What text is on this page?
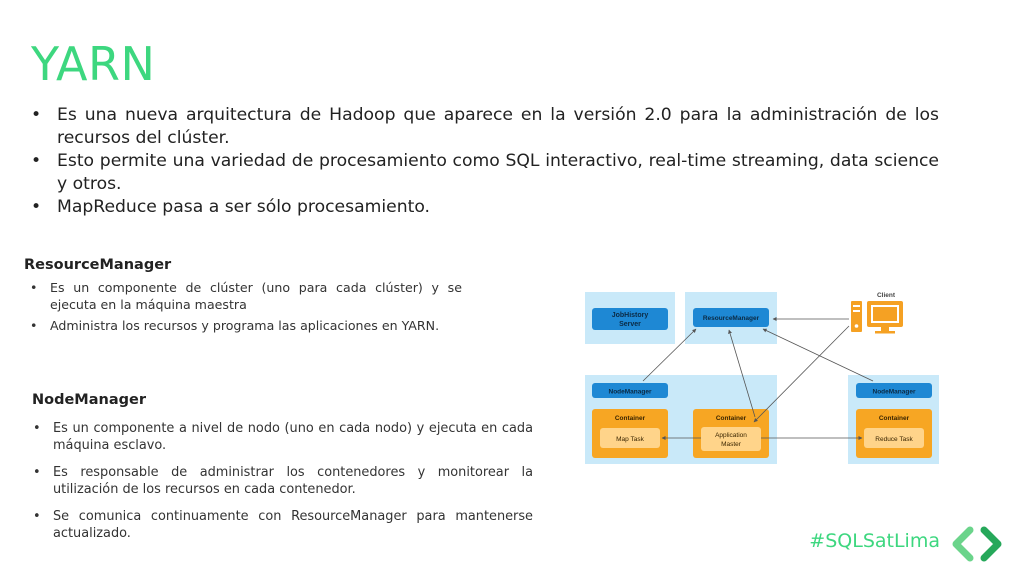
YARN
• Es una nueva arquitectura de Hadoop que aparece en la versión 2.0 para la administración de los recursos del clúster.
• Esto permite una variedad de procesamiento como SQL interactivo, real-time streaming, data science y otros.
• MapReduce pasa a ser sólo procesamiento.
ResourceManager
• Es un componente de clúster (uno para cada clúster) y se ejecuta en la máquina maestra
• Administra los recursos y programa las aplicaciones en YARN.
NodeManager
• Es un componente a nivel de nodo (uno en cada nodo) y ejecuta en cada máquina esclavo.
• Es responsable de administrar los contenedores y monitorear la utilización de los recursos en cada contenedor.
• Se comunica continuamente con ResourceManager para mantenerse actualizado.
JobHistory
Server
ResourceManager
Client
NodeManager	NodeManager
Container
Map Task
Container
Application
Master
Container
Reduce Task
#SQLSatLima
